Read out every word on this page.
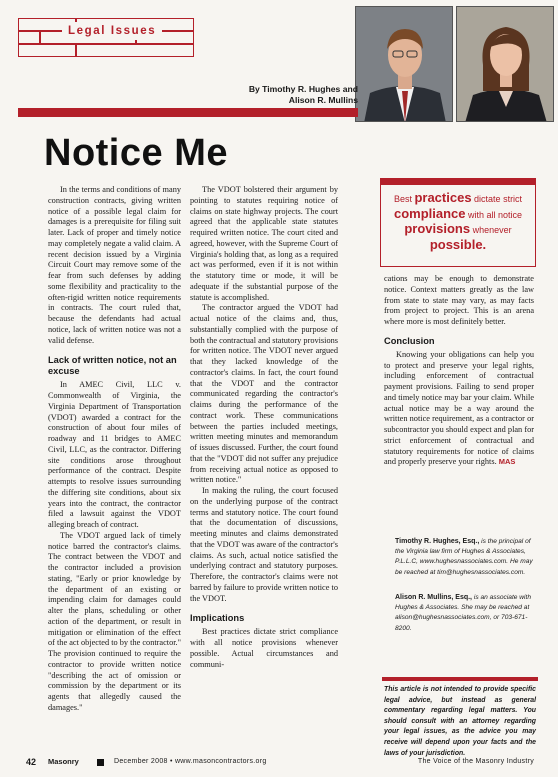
Legal Issues
By Timothy R. Hughes and
Alison R. Mullins
Notice Me

In the terms and conditions of many construction contracts, giving written notice of a possible legal claim for damages is a prerequisite for filing suit later. Lack of proper and timely notice may completely negate a valid claim. A recent decision issued by a Virginia Circuit Court may remove some of the fear from such defenses by adding some flexibility and practicality to the often-rigid written notice requirements in contracts. The court ruled that, because the defendants had actual notice, lack of written notice was not a valid defense.

Lack of written notice, not an excuse

In AMEC Civil, LLC v. Commonwealth of Virginia, the Virginia Department of Transportation (VDOT) awarded a contract for the construction of about four miles of roadway and 11 bridges to AMEC Civil, LLC, as the contractor. Differing site conditions arose throughout performance of the contract. Despite attempts to resolve issues surrounding the differing site conditions, about six years into the contract, the contractor filed a lawsuit against the VDOT alleging breach of contract.

The VDOT argued lack of timely notice barred the contractor's claims. The contract between the VDOT and the contractor included a provision stating, "Early or prior knowledge by the department of an existing or impending claim for damages could alter the plans, scheduling or other action of the department, or result in mitigation or elimination of the effect of the act objected to by the contractor." The provision continued to require the contractor to provide written notice "describing the act of omission or commission by the department or its agents that allegedly caused the damages."

The VDOT bolstered their argument by pointing to statutes requiring notice of claims on state highway projects. The court agreed that the applicable state statutes required written notice. The court cited and agreed, however, with the Supreme Court of Virginia's holding that, as long as a required act was performed, even if it is not within the statutory time or mode, it will be adequate if the substantial purpose of the statute is accomplished.

The contractor argued the VDOT had actual notice of the claims and, thus, substantially complied with the purpose of both the contractual and statutory provisions for written notice. The VDOT never argued that they lacked knowledge of the contractor's claims. In fact, the court found that the VDOT and the contractor communicated regarding the contractor's claims during the performance of the contract work. These communications between the parties included meetings, written meeting minutes and memorandum of issues discussed. Further, the court found that the "VDOT did not suffer any prejudice from receiving actual notice as opposed to written notice."

In making the ruling, the court focused on the underlying purpose of the contract terms and statutory notice. The court found that the documentation of discussions, meeting minutes and claims demonstrated that the VDOT was aware of the contractor's claims. As such, actual notice satisfied the underlying contract and statutory purposes. Therefore, the contractor's claims were not barred by failure to provide written notice to the VDOT.

Implications

Best practices dictate strict compliance with all notice provisions whenever possible. Actual circumstances and communi-

Best practices dictate strict compliance with all notice provisions whenever possible.

cations may be enough to demonstrate notice. Context matters greatly as the law from state to state may vary, as may facts from project to project. This is an arena where more is most definitely better.

Conclusion

Knowing your obligations can help you to protect and preserve your legal rights, including enforcement of contractual payment provisions. Failing to send proper and timely notice may bar your claim. While actual notice may be a way around the written notice requirement, as a contractor or subcontractor you should expect and plan for strict enforcement of contractual and statutory requirements for notice of claims and properly preserve your rights. MAS

Timothy R. Hughes, Esq., is the principal of the Virginia law firm of Hughes & Associates, P.L.L.C, www.hughesnassociates.com. He may be reached at tim@hughesnassociates.com.
Alison R. Mullins, Esq., is an associate with Hughes & Associates. She may be reached at alison@hughesnassociates.com, or 703-671-8200.
This article is not intended to provide specific legal advice, but instead as general commentary regarding legal matters. You should consult with an attorney regarding your legal issues, as the advice you may receive will depend upon your facts and the laws of your jurisdiction.
42 Masonry	December 2008 • www.masoncontractors.org	The Voice of the Masonry Industry
